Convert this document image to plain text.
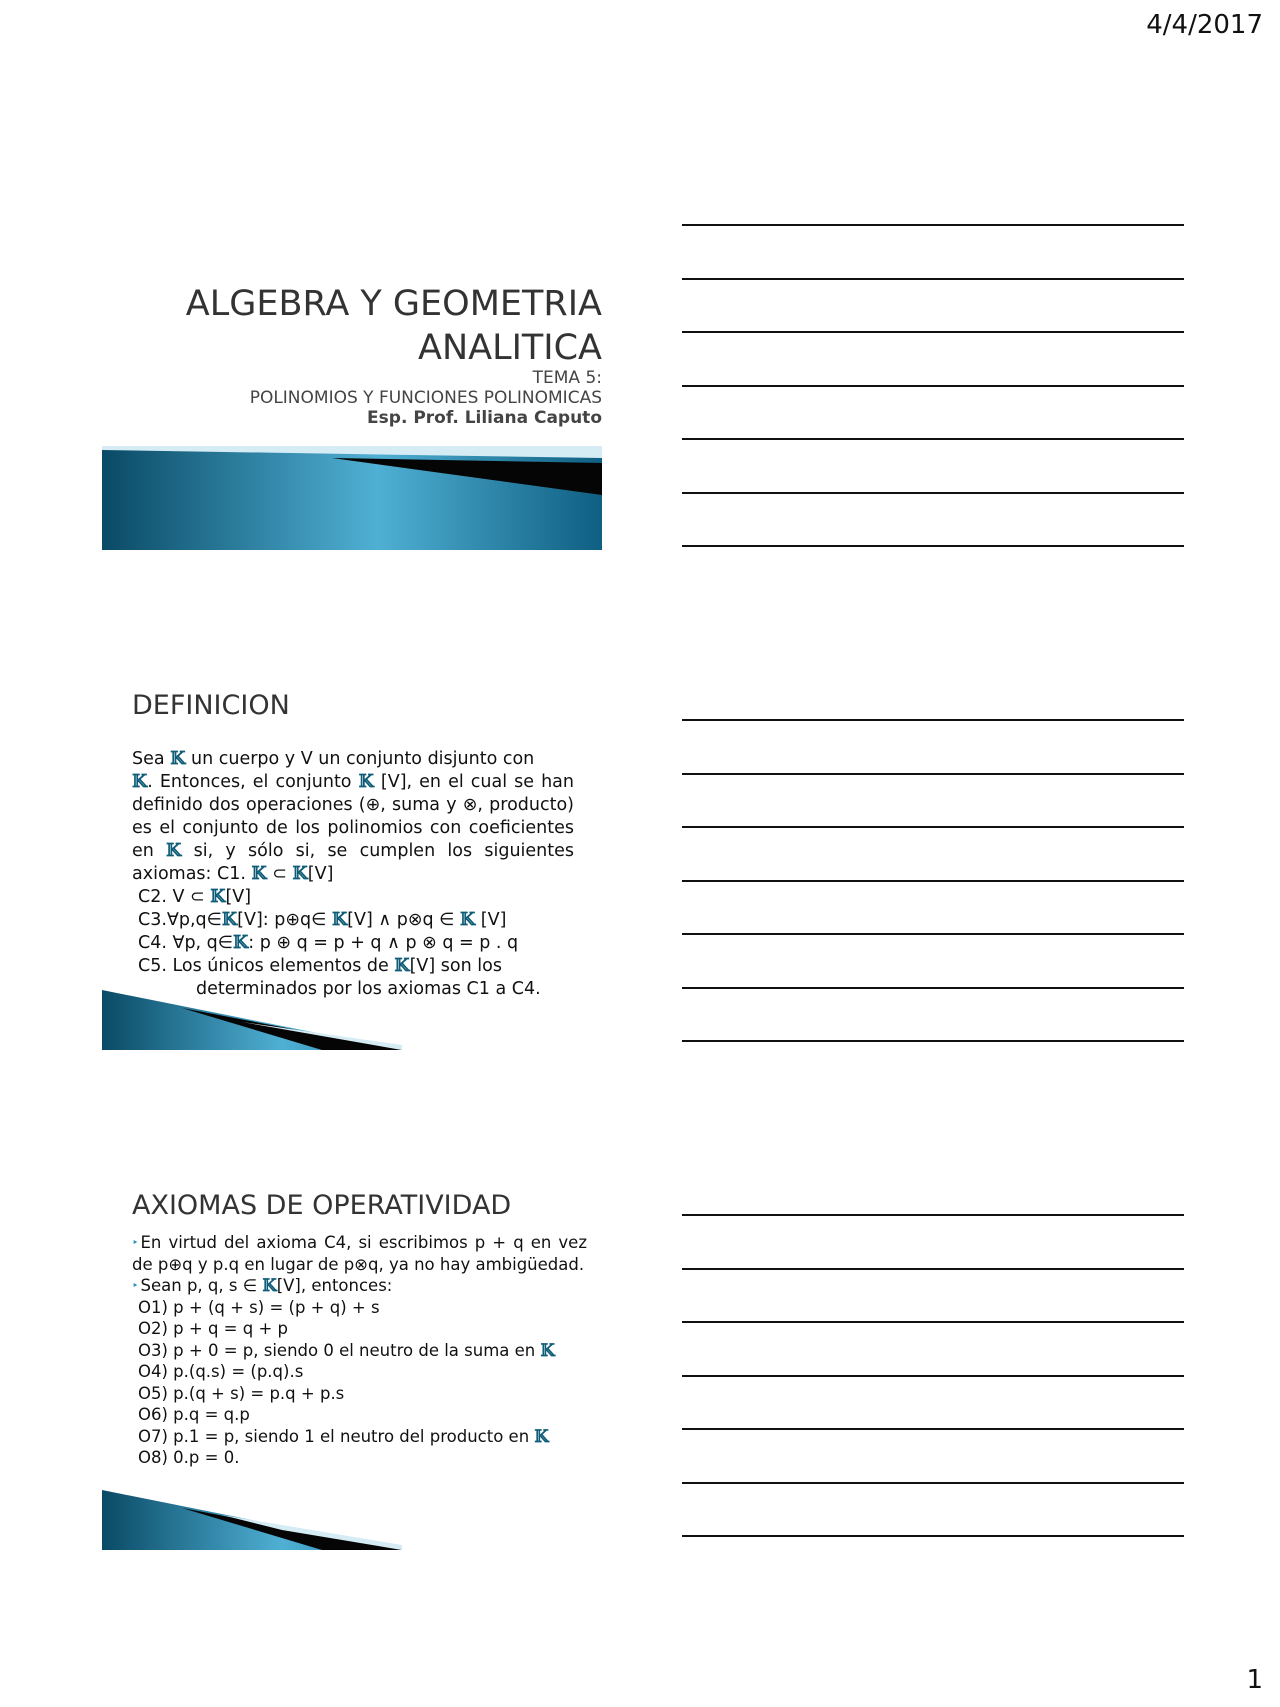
4/4/2017
ALGEBRA Y GEOMETRIA
ANALITICA
TEMA 5:
POLINOMIOS Y FUNCIONES POLINOMICAS
Esp. Prof. Liliana Caputo
DEFINICION
Sea 𝕂 un cuerpo y V un conjunto disjunto con
𝕂. Entonces, el conjunto 𝕂 [V], en el cual se han definido dos operaciones (⊕, suma y ⊗, producto) es el conjunto de los polinomios con coeficientes en 𝕂 si, y sólo si, se cumplen los siguientes axiomas: C1. 𝕂 ⊂ 𝕂[V]
C2. V ⊂ 𝕂[V]
C3.∀p,q∈𝕂[V]: p⊕q∈ 𝕂[V] ∧ p⊗q ∈ 𝕂 [V]
C4. ∀p, q∈𝕂: p ⊕ q = p + q ∧ p ⊗ q = p . q
C5. Los únicos elementos de 𝕂[V] son los
determinados por los axiomas C1 a C4.
AXIOMAS DE OPERATIVIDAD
‣ En virtud del axioma C4, si escribimos p + q en vez de p⊕q y p.q en lugar de p⊗q, ya no hay ambigüedad.
‣ Sean p, q, s ∈ 𝕂[V], entonces:
O1) p + (q + s) = (p + q) + s
O2) p + q = q + p
O3) p + 0 = p, siendo 0 el neutro de la suma en 𝕂
O4) p.(q.s) = (p.q).s
O5) p.(q + s) = p.q + p.s
O6) p.q = q.p
O7) p.1 = p, siendo 1 el neutro del producto en 𝕂
O8) 0.p = 0.
1
